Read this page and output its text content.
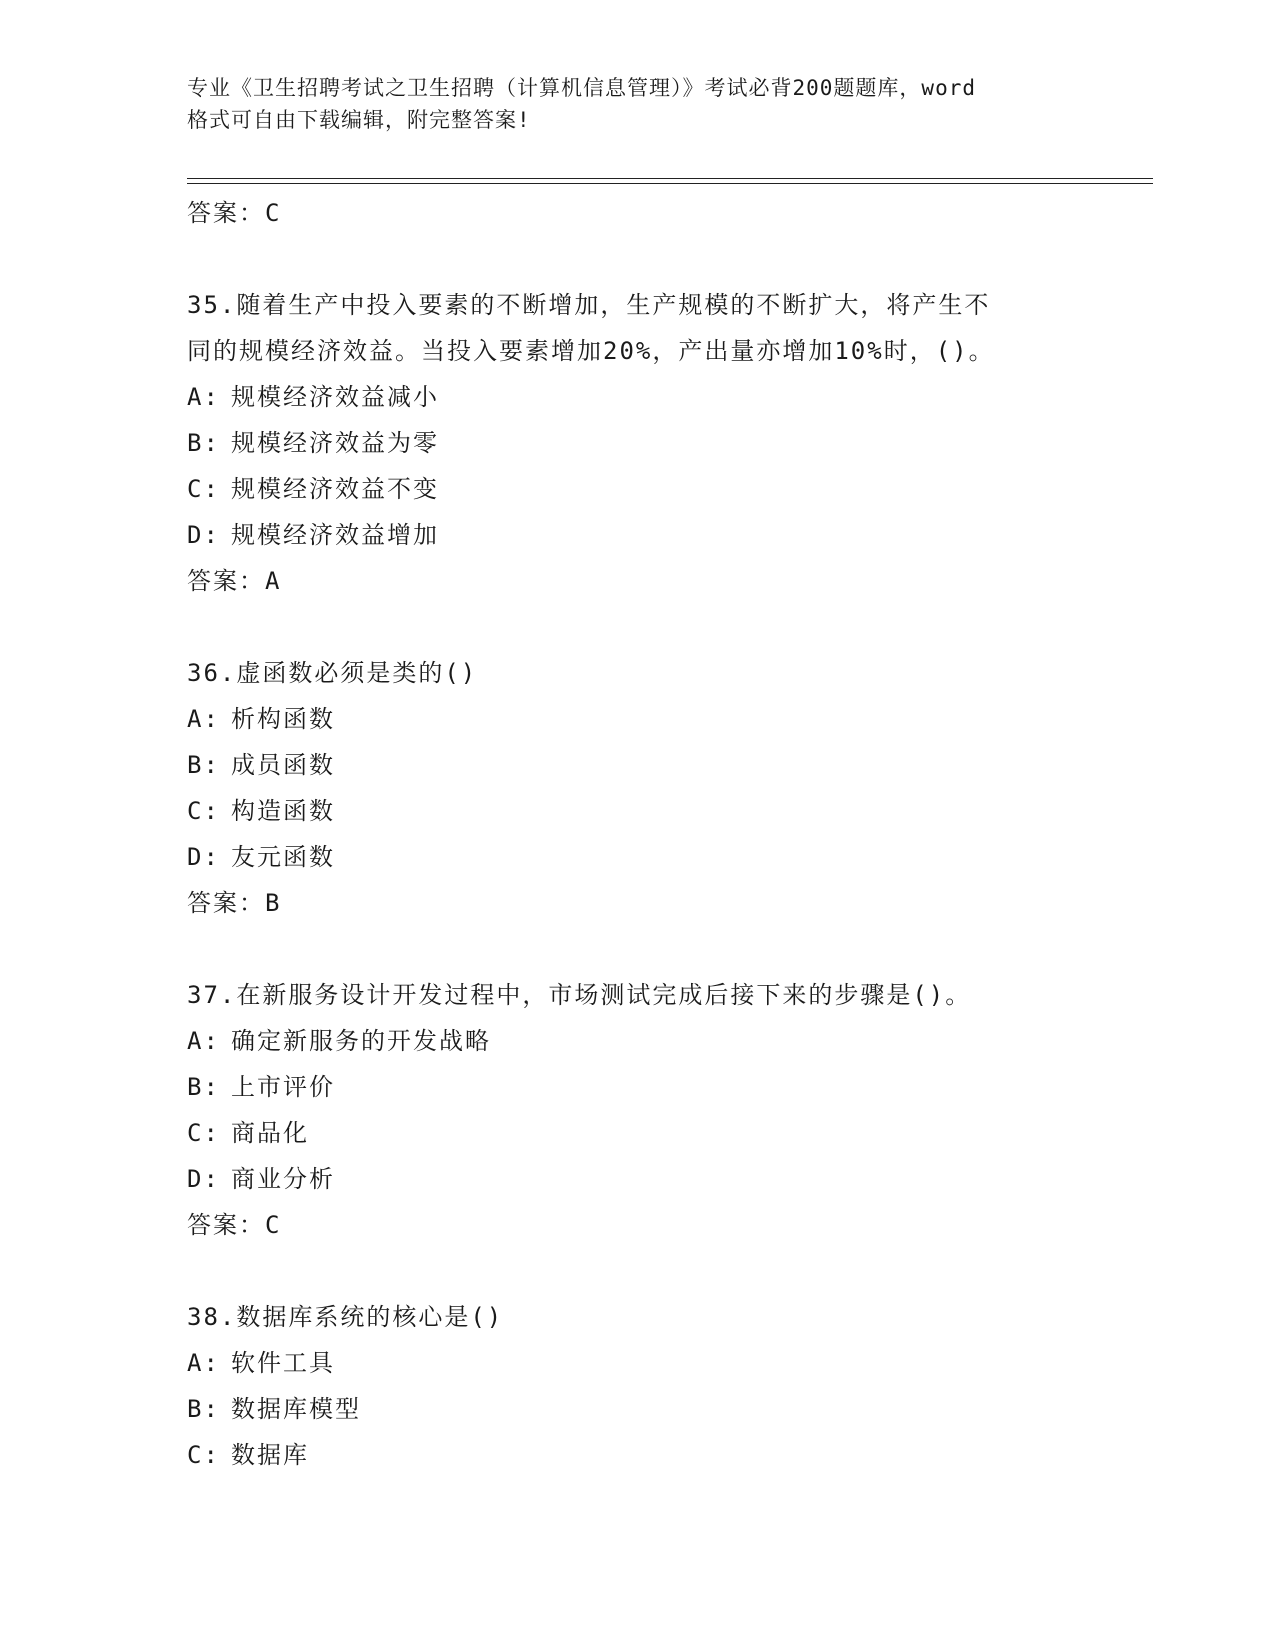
专业《卫生招聘考试之卫生招聘（计算机信息管理）》考试必背200题题库，word
格式可自由下载编辑，附完整答案!
答案：C
35.随着生产中投入要素的不断增加，生产规模的不断扩大，将产生不
同的规模经济效益。当投入要素增加20%，产出量亦增加10%时，()。
A: 规模经济效益减小
B: 规模经济效益为零
C: 规模经济效益不变
D: 规模经济效益增加
答案：A
36.虚函数必须是类的()
A: 析构函数
B: 成员函数
C: 构造函数
D: 友元函数
答案：B
37.在新服务设计开发过程中，市场测试完成后接下来的步骤是()。
A: 确定新服务的开发战略
B: 上市评价
C: 商品化
D: 商业分析
答案：C
38.数据库系统的核心是()
A: 软件工具
B: 数据库模型
C: 数据库
